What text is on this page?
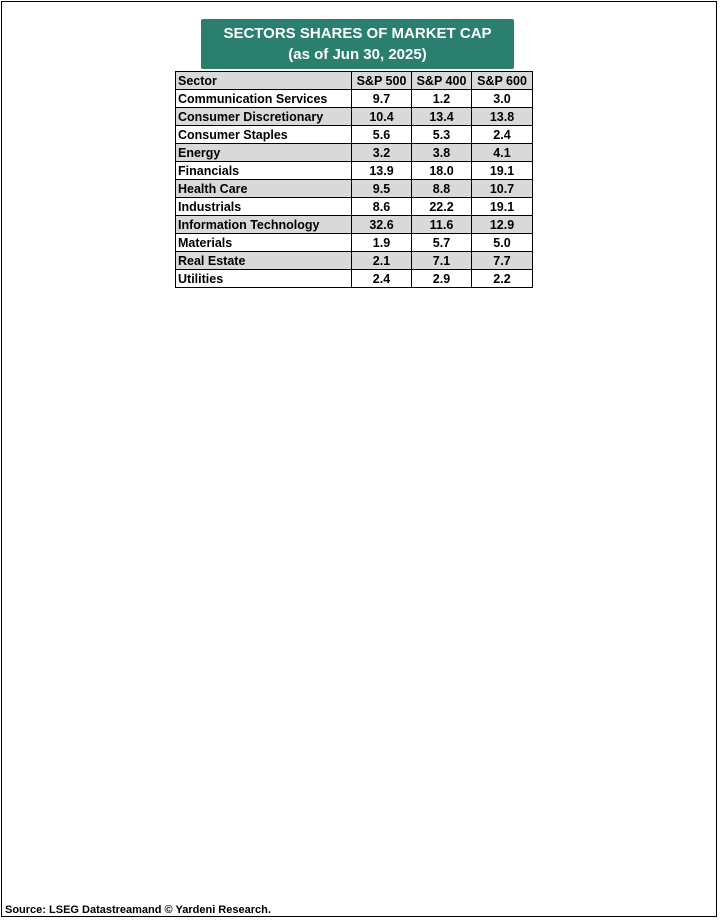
SECTORS SHARES OF MARKET CAP
(as of Jun 30, 2025)
Sector	S&P 500	S&P 400	S&P 600
Communication Services	9.7	1.2	3.0
Consumer Discretionary	10.4	13.4	13.8
Consumer Staples	5.6	5.3	2.4
Energy	3.2	3.8	4.1
Financials	13.9	18.0	19.1
Health Care	9.5	8.8	10.7
Industrials	8.6	22.2	19.1
Information Technology	32.6	11.6	12.9
Materials	1.9	5.7	5.0
Real Estate	2.1	7.1	7.7
Utilities	2.4	2.9	2.2
Source: LSEG Datastreamand © Yardeni Research.
